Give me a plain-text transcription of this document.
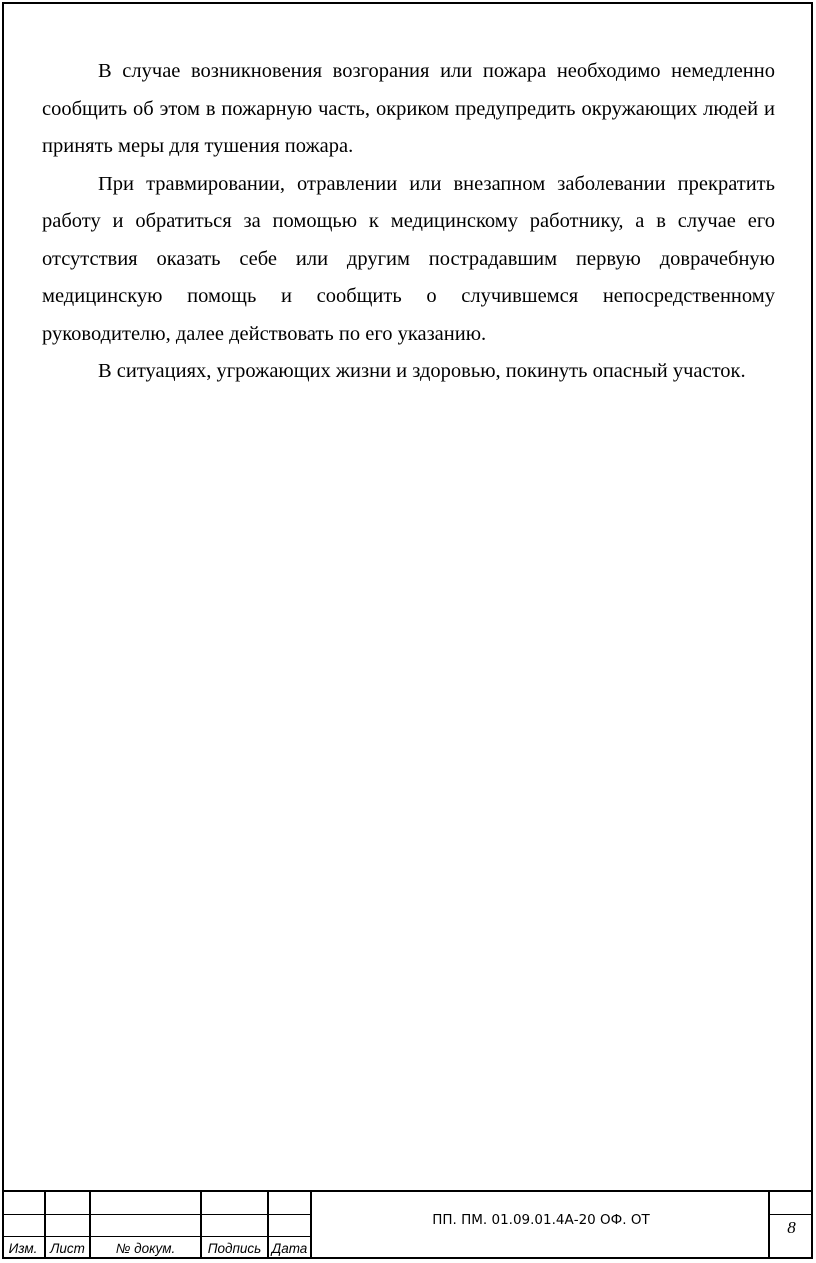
В случае возникновения возгорания или пожара необходимо немедленно сообщить об этом в пожарную часть, окриком предупредить окружающих людей и принять меры для тушения пожара.

При травмировании, отравлении или внезапном заболевании прекратить работу и обратиться за помощью к медицинскому работнику, а в случае его отсутствия оказать себе или другим пострадавшим первую доврачебную медицинскую помощь и сообщить о случившемся непосредственному руководителю, далее действовать по его указанию.

В ситуациях, угрожающих жизни и здоровью, покинуть опасный участок.

Изм. Лист	№ докум.	Подпись Дата
ПП. ПМ. 01.09.01.4А-20 ОФ. ОТ	8
